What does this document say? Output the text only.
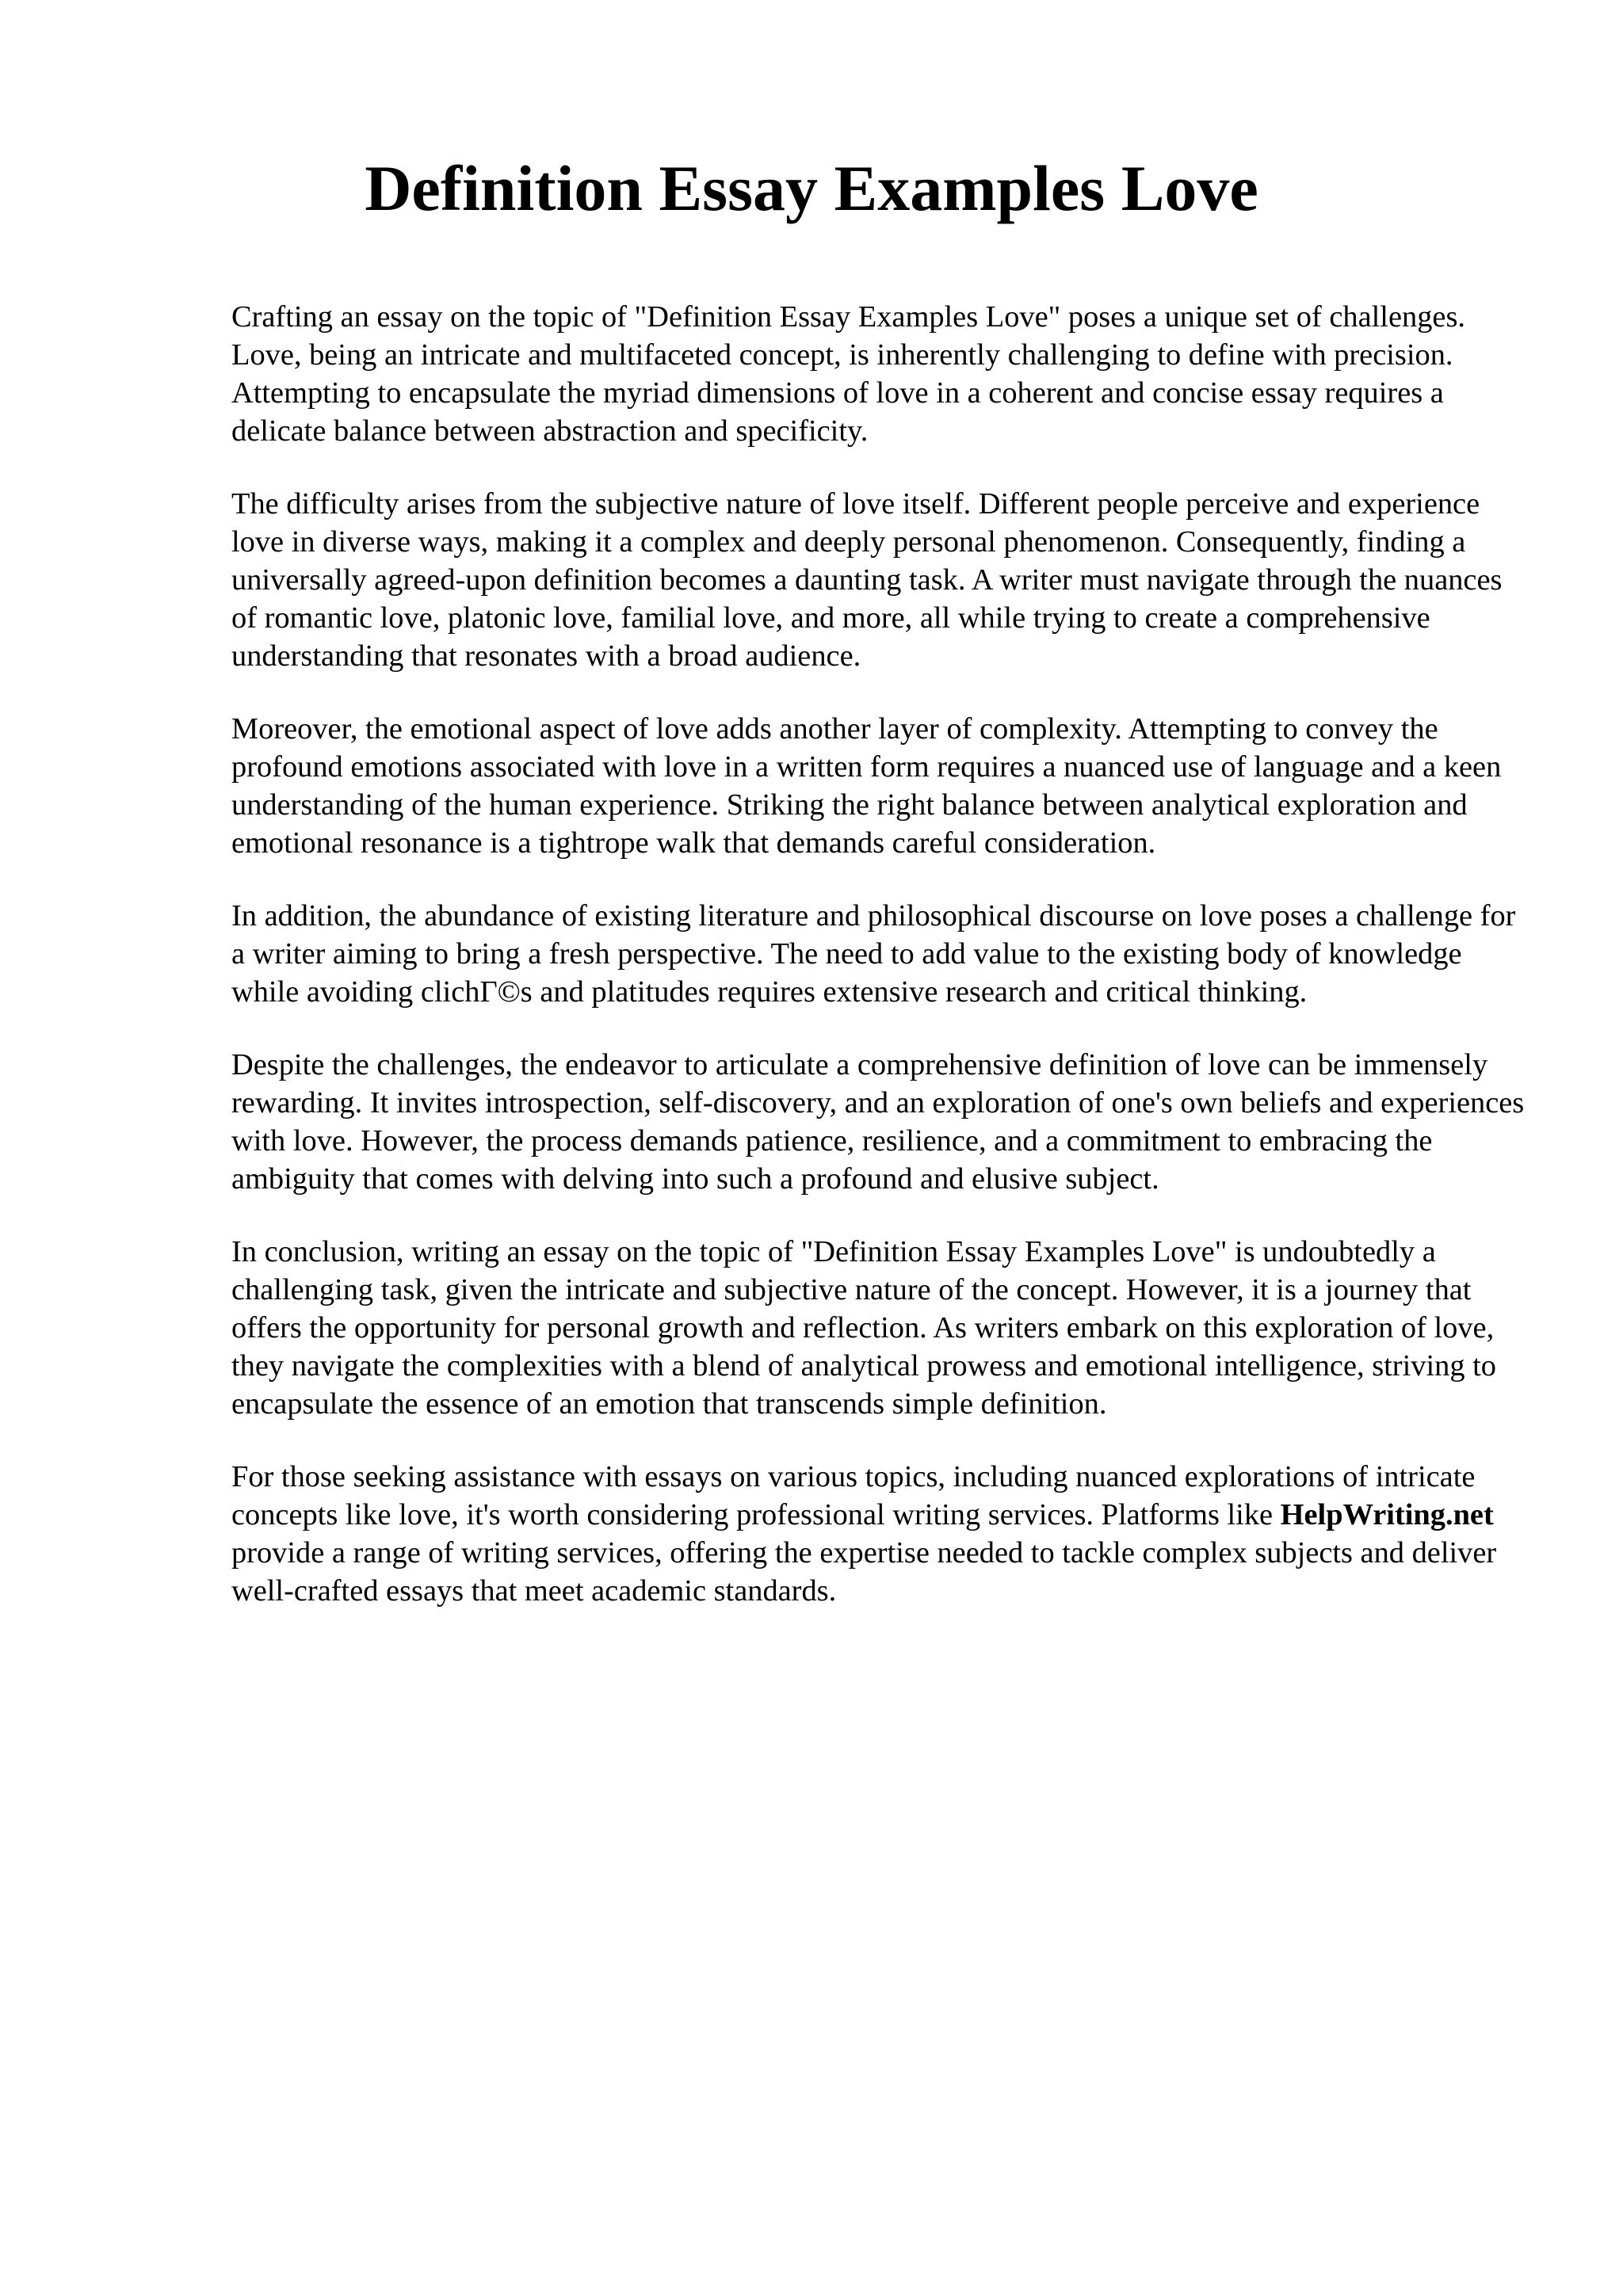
Definition Essay Examples Love

Crafting an essay on the topic of "Definition Essay Examples Love" poses a unique set of challenges. Love, being an intricate and multifaceted concept, is inherently challenging to define with precision. Attempting to encapsulate the myriad dimensions of love in a coherent and concise essay requires a delicate balance between abstraction and specificity.

The difficulty arises from the subjective nature of love itself. Different people perceive and experience love in diverse ways, making it a complex and deeply personal phenomenon. Consequently, finding a universally agreed-upon definition becomes a daunting task. A writer must navigate through the nuances of romantic love, platonic love, familial love, and more, all while trying to create a comprehensive understanding that resonates with a broad audience.

Moreover, the emotional aspect of love adds another layer of complexity. Attempting to convey the profound emotions associated with love in a written form requires a nuanced use of language and a keen understanding of the human experience. Striking the right balance between analytical exploration and emotional resonance is a tightrope walk that demands careful consideration.

In addition, the abundance of existing literature and philosophical discourse on love poses a challenge for a writer aiming to bring a fresh perspective. The need to add value to the existing body of knowledge while avoiding clichΓ©s and platitudes requires extensive research and critical thinking.

Despite the challenges, the endeavor to articulate a comprehensive definition of love can be immensely rewarding. It invites introspection, self-discovery, and an exploration of one's own beliefs and experiences with love. However, the process demands patience, resilience, and a commitment to embracing the ambiguity that comes with delving into such a profound and elusive subject.

In conclusion, writing an essay on the topic of "Definition Essay Examples Love" is undoubtedly a challenging task, given the intricate and subjective nature of the concept. However, it is a journey that offers the opportunity for personal growth and reflection. As writers embark on this exploration of love, they navigate the complexities with a blend of analytical prowess and emotional intelligence, striving to encapsulate the essence of an emotion that transcends simple definition.

For those seeking assistance with essays on various topics, including nuanced explorations of intricate concepts like love, it's worth considering professional writing services. Platforms like HelpWriting.net provide a range of writing services, offering the expertise needed to tackle complex subjects and deliver well-crafted essays that meet academic standards.
